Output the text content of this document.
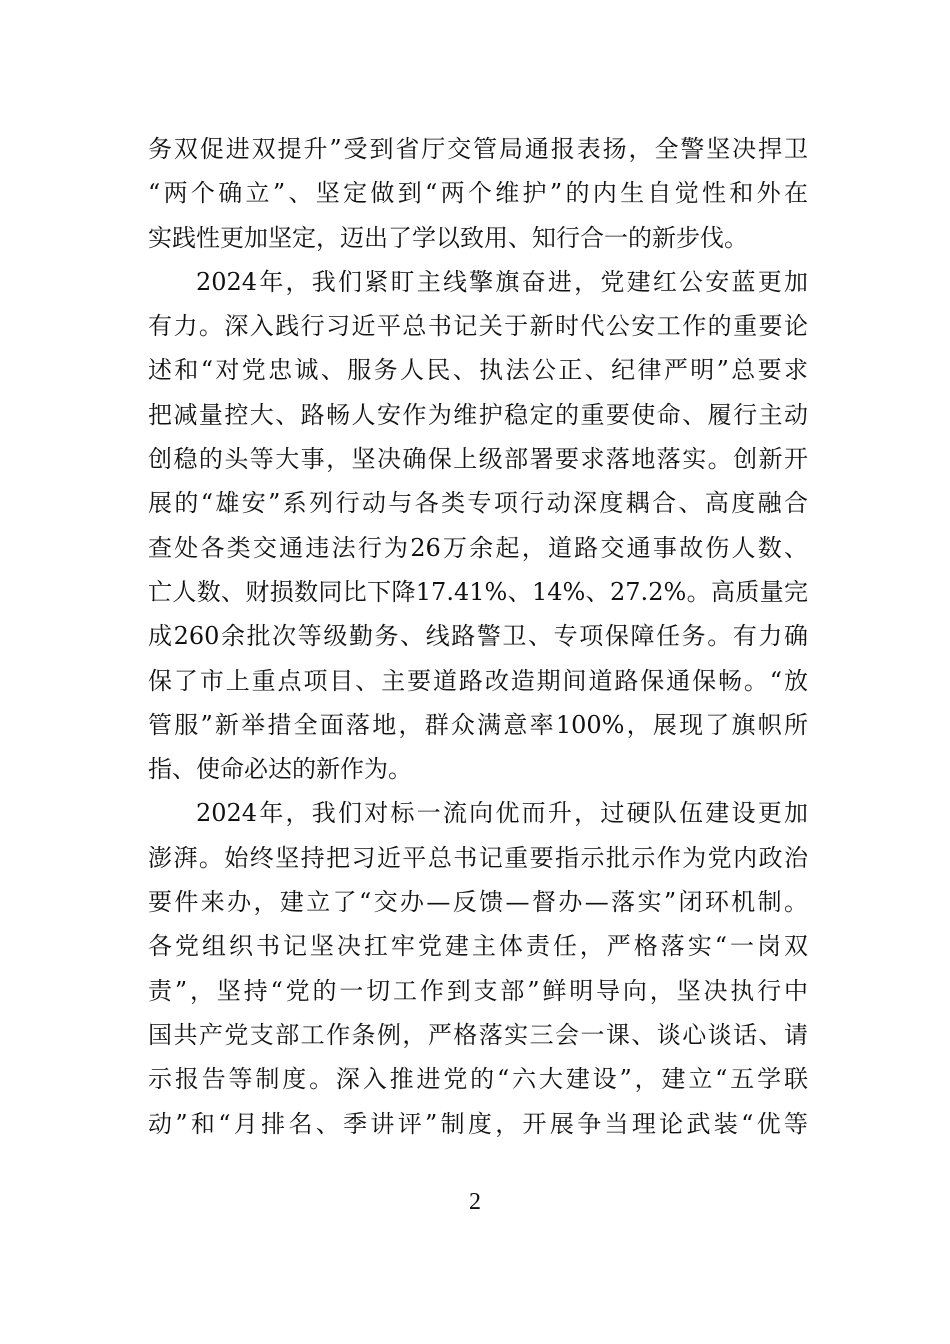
务双促进双提升”受到省厅交管局通报表扬，全警坚决捍卫
“两个确立”、坚定做到“两个维护”的内生自觉性和外在
实践性更加坚定，迈出了学以致用、知行合一的新步伐。
2024年，我们紧盯主线擎旗奋进，党建红公安蓝更加
有力。深入践行习近平总书记关于新时代公安工作的重要论
述和“对党忠诚、服务人民、执法公正、纪律严明”总要求
把减量控大、路畅人安作为维护稳定的重要使命、履行主动
创稳的头等大事，坚决确保上级部署要求落地落实。创新开
展的“雄安”系列行动与各类专项行动深度耦合、高度融合
查处各类交通违法行为26万余起，道路交通事故伤人数、
亡人数、财损数同比下降17.41%、14%、27.2%。高质量完
成260余批次等级勤务、线路警卫、专项保障任务。有力确
保了市上重点项目、主要道路改造期间道路保通保畅。“放
管服”新举措全面落地，群众满意率100%，展现了旗帜所
指、使命必达的新作为。
2024年，我们对标一流向优而升，过硬队伍建设更加
澎湃。始终坚持把习近平总书记重要指示批示作为党内政治
要件来办，建立了“交办—反馈—督办—落实”闭环机制。
各党组织书记坚决扛牢党建主体责任，严格落实“一岗双
责”，坚持“党的一切工作到支部”鲜明导向，坚决执行中
国共产党支部工作条例，严格落实三会一课、谈心谈话、请
示报告等制度。深入推进党的“六大建设”，建立“五学联
动”和“月排名、季讲评”制度，开展争当理论武装“优等
2
